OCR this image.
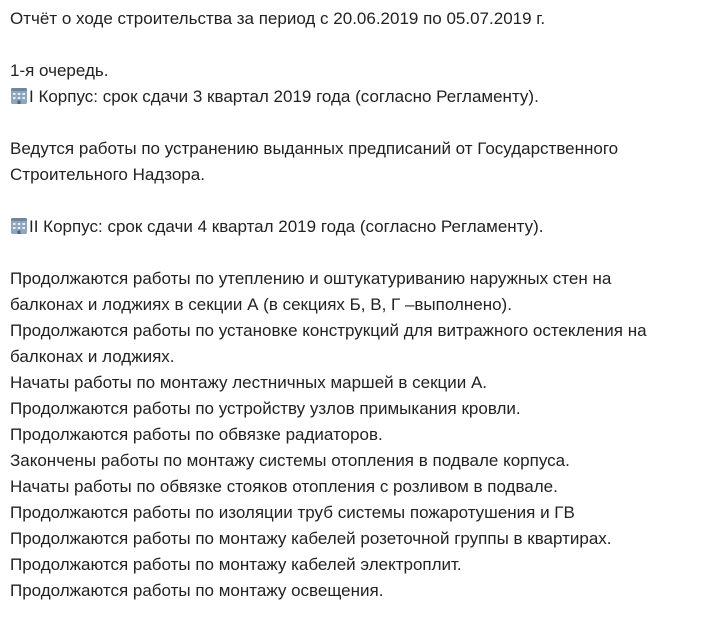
Отчёт о ходе строительства за период с 20.06.2019 по 05.07.2019 г.
1-я очередь.
I Корпус: срок сдачи 3 квартал 2019 года (согласно Регламенту).
Ведутся работы по устранению выданных предписаний от Государственного
Строительного Надзора.
II Корпус: срок сдачи 4 квартал 2019 года (согласно Регламенту).
Продолжаются работы по утеплению и оштукатуриванию наружных стен на
балконах и лоджиях в секции А (в секциях Б, В, Г –выполнено).
Продолжаются работы по установке конструкций для витражного остекления на
балконах и лоджиях.
Начаты работы по монтажу лестничных маршей в секции А.
Продолжаются работы по устройству узлов примыкания кровли.
Продолжаются работы по обвязке радиаторов.
Закончены работы по монтажу системы отопления в подвале корпуса.
Начаты работы по обвязке стояков отопления с розливом в подвале.
Продолжаются работы по изоляции труб системы пожаротушения и ГВ
Продолжаются работы по монтажу кабелей розеточной группы в квартирах.
Продолжаются работы по монтажу кабелей электроплит.
Продолжаются работы по монтажу освещения.
